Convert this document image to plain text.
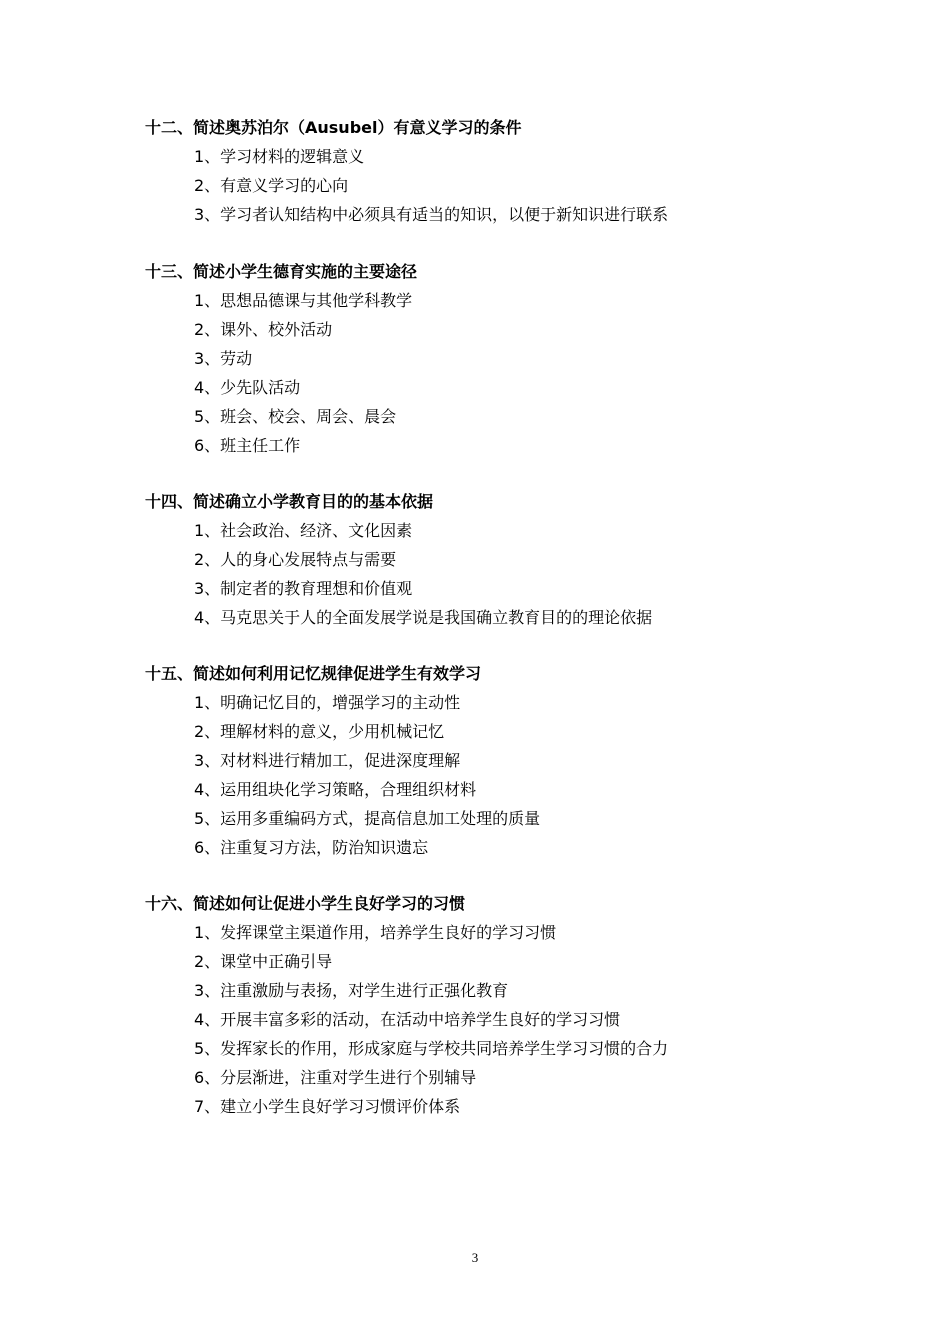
十二、简述奥苏泊尔（Ausubel）有意义学习的条件
1、学习材料的逻辑意义
2、有意义学习的心向
3、学习者认知结构中必须具有适当的知识，以便于新知识进行联系
十三、简述小学生德育实施的主要途径
1、思想品德课与其他学科教学
2、课外、校外活动
3、劳动
4、少先队活动
5、班会、校会、周会、晨会
6、班主任工作
十四、简述确立小学教育目的的基本依据
1、社会政治、经济、文化因素
2、人的身心发展特点与需要
3、制定者的教育理想和价值观
4、马克思关于人的全面发展学说是我国确立教育目的的理论依据
十五、简述如何利用记忆规律促进学生有效学习
1、明确记忆目的，增强学习的主动性
2、理解材料的意义，少用机械记忆
3、对材料进行精加工，促进深度理解
4、运用组块化学习策略，合理组织材料
5、运用多重编码方式，提高信息加工处理的质量
6、注重复习方法，防治知识遗忘
十六、简述如何让促进小学生良好学习的习惯
1、发挥课堂主渠道作用，培养学生良好的学习习惯
2、课堂中正确引导
3、注重激励与表扬，对学生进行正强化教育
4、开展丰富多彩的活动，在活动中培养学生良好的学习习惯
5、发挥家长的作用，形成家庭与学校共同培养学生学习习惯的合力
6、分层渐进，注重对学生进行个别辅导
7、建立小学生良好学习习惯评价体系
3
